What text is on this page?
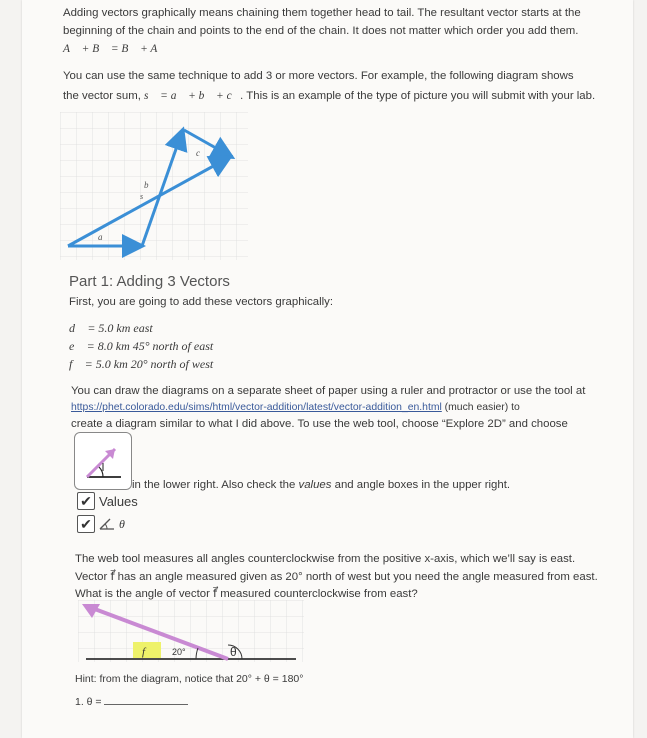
Adding vectors graphically means chaining them together head to tail. The resultant vector starts at the

beginning of the chain and points to the end of the chain. It does not matter which order you add them.

A⃗ + B⃗ = B⃗ + A⃗

You can use the same technique to add 3 or more vectors. For example, the following diagram shows

the vector sum, s⃗ = a⃗ + b⃗ + c⃗. This is an example of the type of picture you will submit with your lab.

a⃗
b⃗
s
c⃗
Part 1: Adding 3 Vectors

First, you are going to add these vectors graphically:

d⃗ = 5.0 km east

e⃗ = 8.0 km 45° north of east

f⃗ = 5.0 km 20° north of west

You can draw the diagrams on a separate sheet of paper using a ruler and protractor or use the tool at

https://phet.colorado.edu/sims/html/vector-addition/latest/vector-addition_en.html (much easier) to

create a diagram similar to what I did above. To use the web tool, choose “Explore 2D” and choose

in the lower right. Also check the values and angle boxes in the upper right.

✔ Values
✔ θ

The web tool measures all angles counterclockwise from the positive x-axis, which we’ll say is east.

Vector f⃗ has an angle measured given as 20° north of west but you need the angle measured from east.

What is the angle of vector f⃗ measured counterclockwise from east?

f⃗ 20°	θ

Hint: from the diagram, notice that 20° + θ = 180°

1. θ =
